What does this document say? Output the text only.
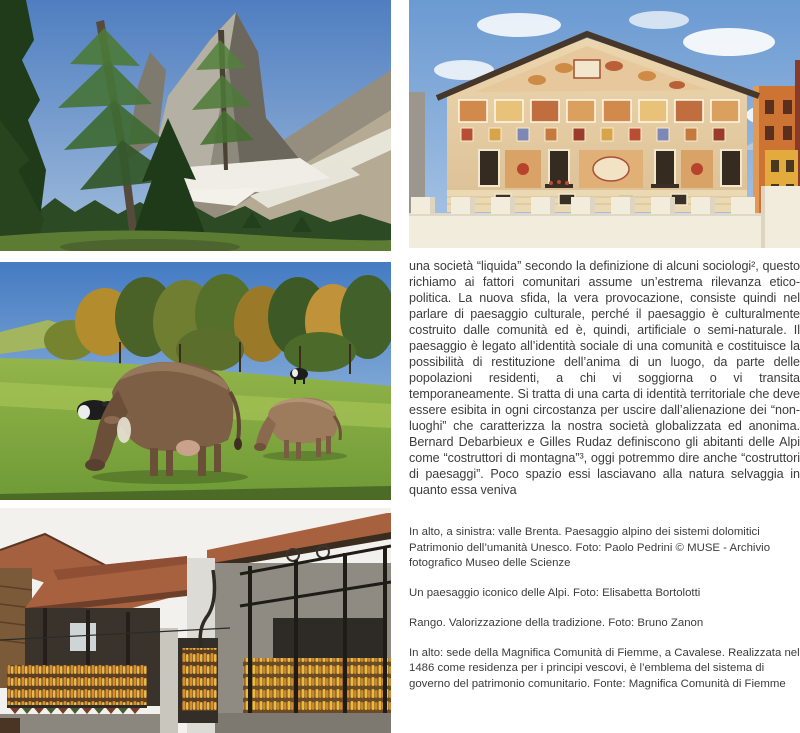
una società “liquida” secondo la definizione di alcuni sociologi², questo richiamo ai fattori comunitari assume un’estrema rilevanza etico-politica. La nuova sfida, la vera provocazione, consiste quindi nel parlare di paesaggio culturale, perché il paesaggio è culturalmente costruito dalle comunità ed è, quindi, artificiale o semi-naturale. Il paesaggio è legato all’identità sociale di una comunità e costituisce la possibilità di restituzione dell’anima di un luogo, da parte delle popolazioni residenti, a chi vi soggiorna o vi transita temporaneamente. Si tratta di una carta di identità territoriale che deve essere esibita in ogni circostanza per uscire dall’alienazione dei “non-luoghi” che caratterizza la nostra società globalizzata ed anonima. Bernard Debarbieux e Gilles Rudaz definiscono gli abitanti delle Alpi come “costruttori di montagna”³, oggi potremmo dire anche “costruttori di paesaggi”. Poco spazio essi lasciavano alla natura selvaggia in quanto essa veniva

In alto, a sinistra: valle Brenta. Paesaggio alpino dei sistemi dolomitici Patrimonio dell’umanità Unesco. Foto: Paolo Pedrini © MUSE - Archivio fotografico Museo delle Scienze

Un paesaggio iconico delle Alpi. Foto: Elisabetta Bortolotti

Rango. Valorizzazione della tradizione. Foto: Bruno Zanon

In alto: sede della Magnifica Comunità di Fiemme, a Cavalese. Realizzata nel 1486 come residenza per i principi vescovi, è l’emblema del sistema di governo del patrimonio comunitario. Fonte: Magnifica Comunità di Fiemme
